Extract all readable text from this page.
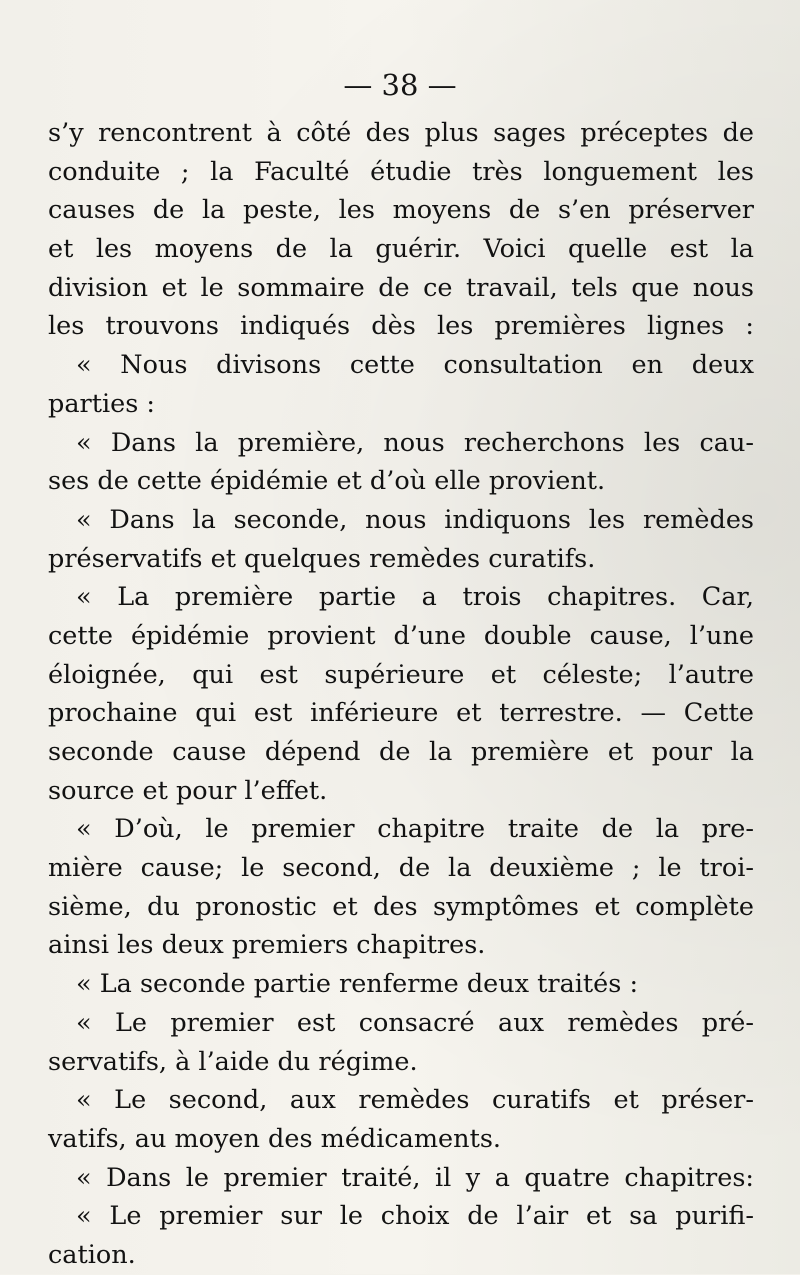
— 38 —
s’y rencontrent à côté des plus sages préceptes de
conduite ; la Faculté étudie très longuement les
causes de la peste, les moyens de s’en préserver
et les moyens de la guérir. Voici quelle est la
division et le sommaire de ce travail, tels que nous
les trouvons indiqués dès les premières lignes :
« Nous divisons cette consultation en deux
parties :
« Dans la première, nous recherchons les cau-
ses de cette épidémie et d’où elle provient.
« Dans la seconde, nous indiquons les remèdes
préservatifs et quelques remèdes curatifs.
« La première partie a trois chapitres. Car,
cette épidémie provient d’une double cause, l’une
éloignée, qui est supérieure et céleste; l’autre
prochaine qui est inférieure et terrestre. — Cette
seconde cause dépend de la première et pour la
source et pour l’effet.
« D’où, le premier chapitre traite de la pre-
mière cause; le second, de la deuxième ; le troi-
sième, du pronostic et des symptômes et complète
ainsi les deux premiers chapitres.
« La seconde partie renferme deux traités :
« Le premier est consacré aux remèdes pré-
servatifs, à l’aide du régime.
« Le second, aux remèdes curatifs et préser-
vatifs, au moyen des médicaments.
« Dans le premier traité, il y a quatre chapitres:
« Le premier sur le choix de l’air et sa purifi-
cation.
